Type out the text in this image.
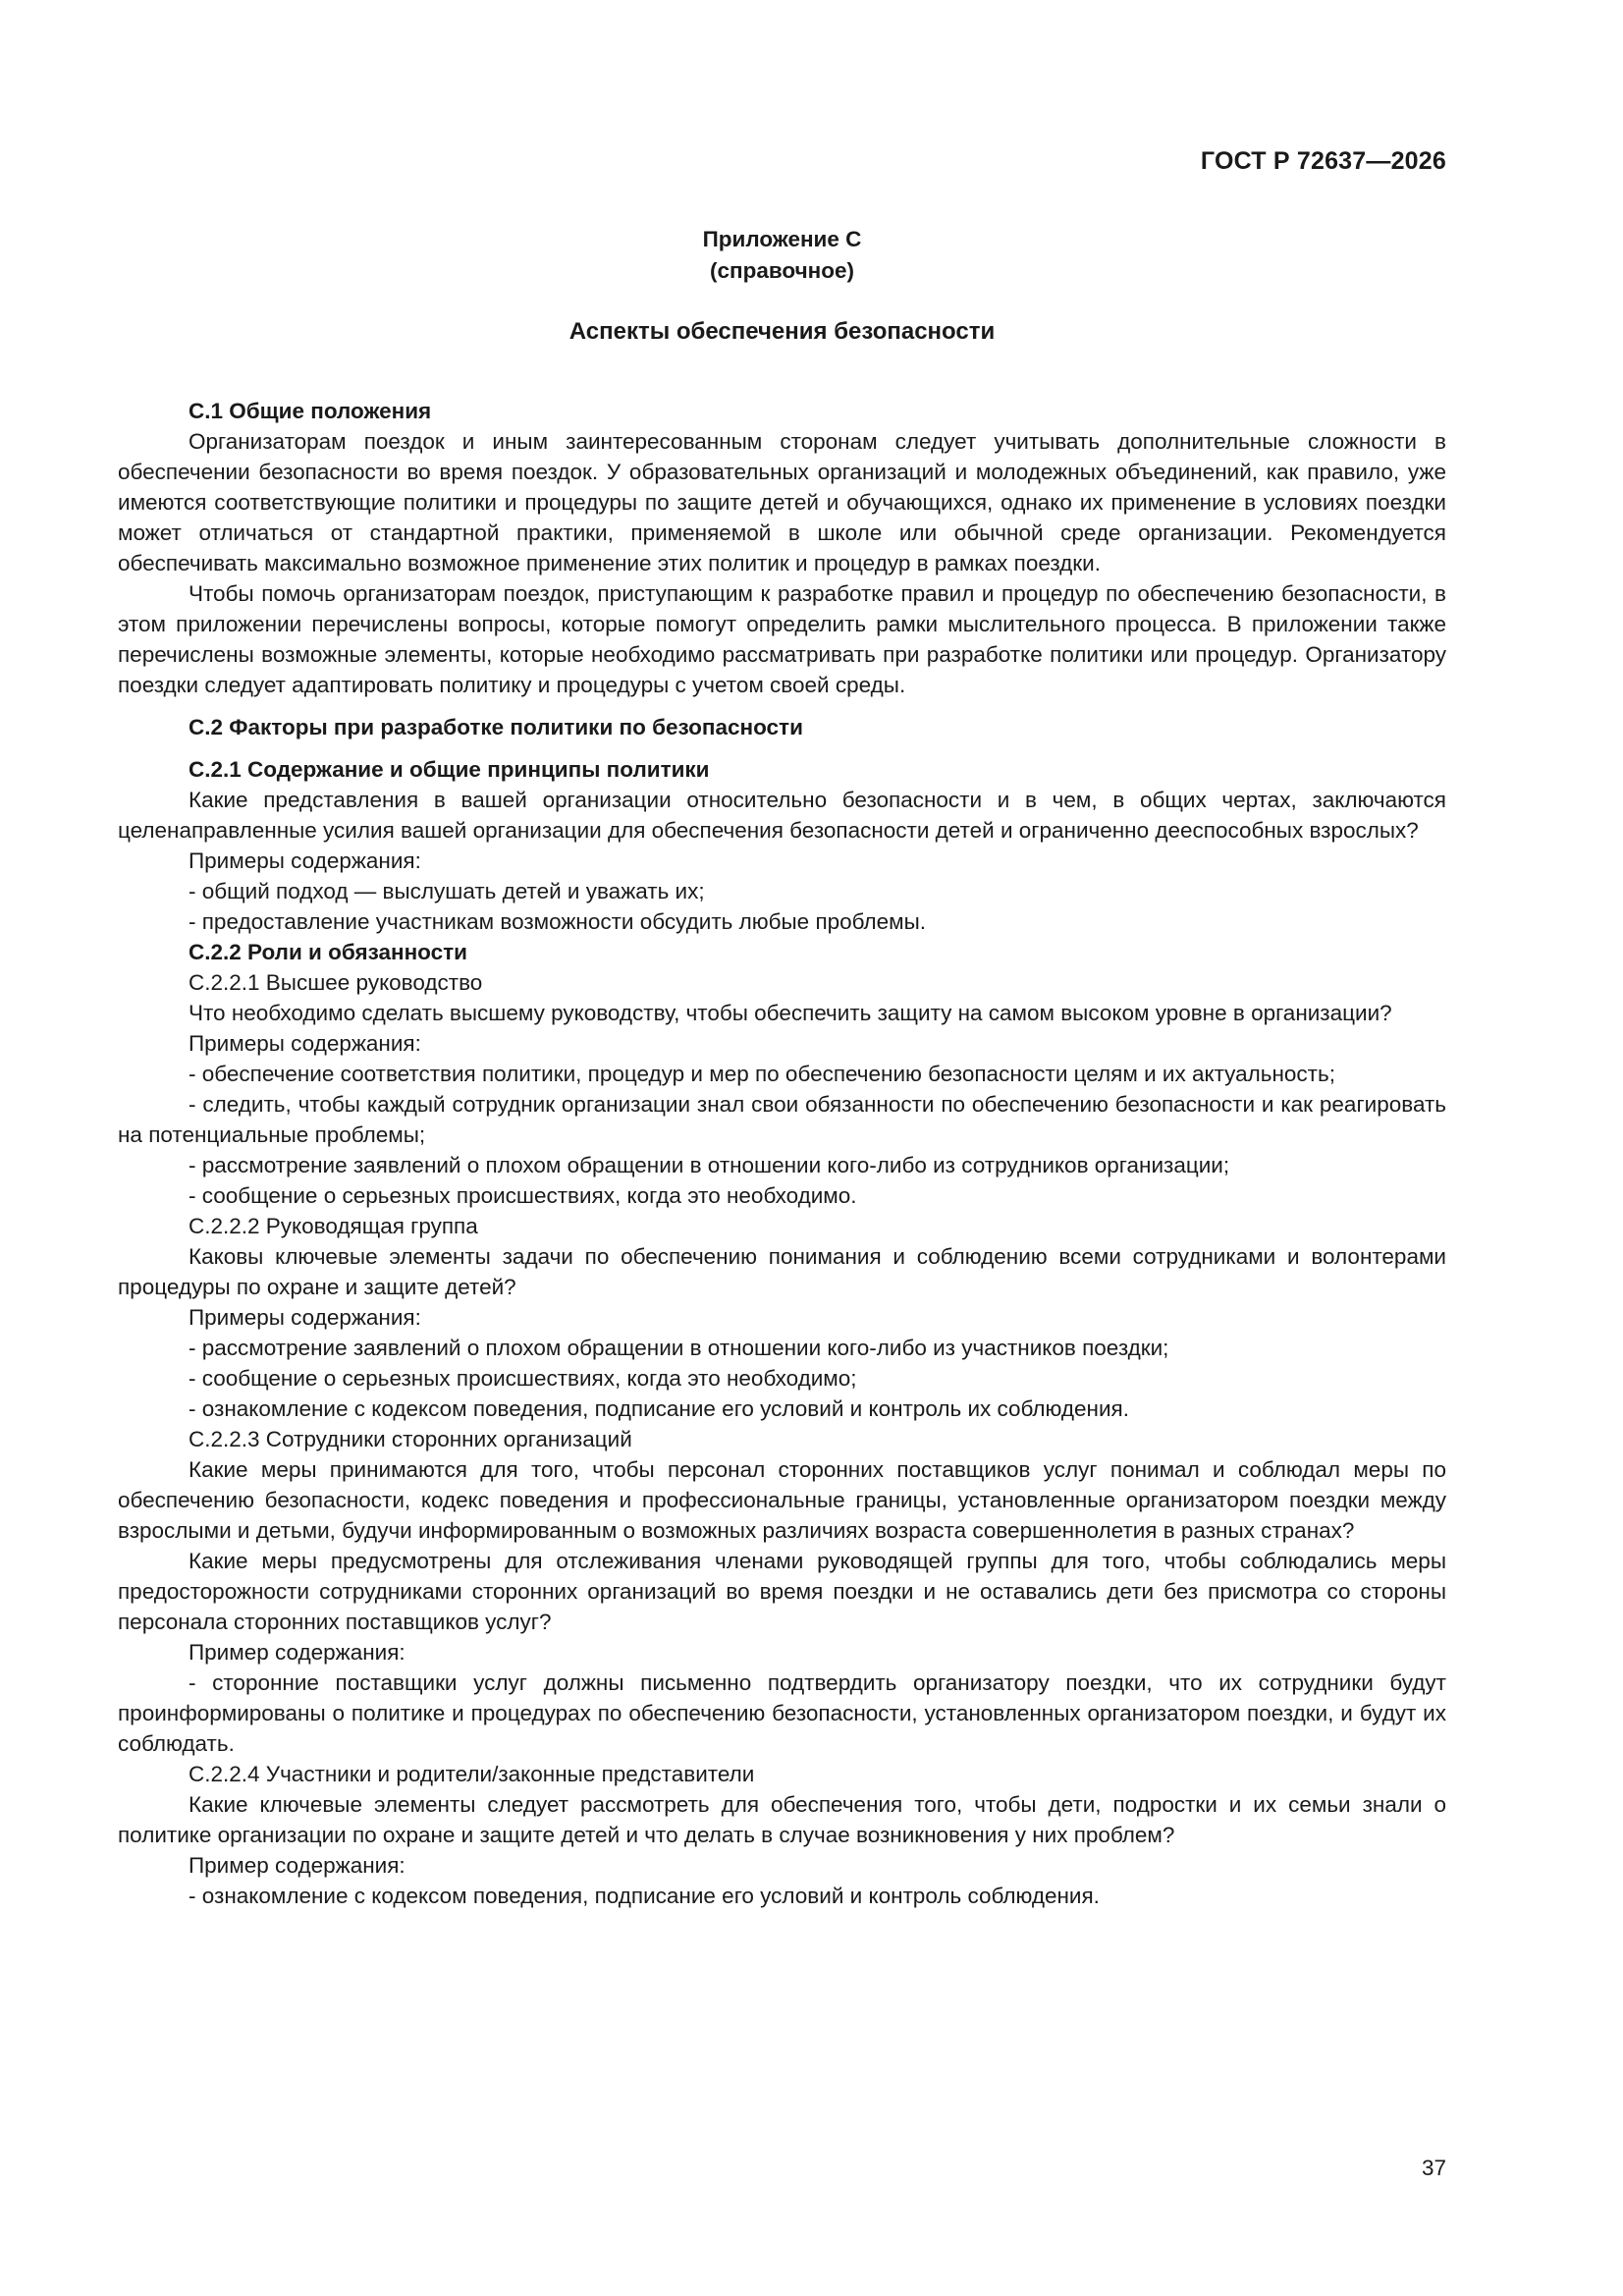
ГОСТ Р 72637—2026
Приложение С
(справочное)
Аспекты обеспечения безопасности
С.1 Общие положения

Организаторам поездок и иным заинтересованным сторонам следует учитывать дополнительные сложности в обеспечении безопасности во время поездок. У образовательных организаций и молодежных объединений, как правило, уже имеются соответствующие политики и процедуры по защите детей и обучающихся, однако их применение в условиях поездки может отличаться от стандартной практики, применяемой в школе или обычной среде организации. Рекомендуется обеспечивать максимально возможное применение этих политик и процедур в рамках поездки.

Чтобы помочь организаторам поездок, приступающим к разработке правил и процедур по обеспечению безопасности, в этом приложении перечислены вопросы, которые помогут определить рамки мыслительного процесса. В приложении также перечислены возможные элементы, которые необходимо рассматривать при разработке политики или процедур. Организатору поездки следует адаптировать политику и процедуры с учетом своей среды.

С.2 Факторы при разработке политики по безопасности
С.2.1 Содержание и общие принципы политики

Какие представления в вашей организации относительно безопасности и в чем, в общих чертах, заключаются целенаправленные усилия вашей организации для обеспечения безопасности детей и ограниченно дееспособных взрослых?

Примеры содержания:
- общий подход — выслушать детей и уважать их;
- предоставление участникам возможности обсудить любые проблемы.
С.2.2 Роли и обязанности
С.2.2.1 Высшее руководство

Что необходимо сделать высшему руководству, чтобы обеспечить защиту на самом высоком уровне в организации?

Примеры содержания:
- обеспечение соответствия политики, процедур и мер по обеспечению безопасности целям и их актуальность;
- следить, чтобы каждый сотрудник организации знал свои обязанности по обеспечению безопасности и как реагировать на потенциальные проблемы;
- рассмотрение заявлений о плохом обращении в отношении кого-либо из сотрудников организации;
- сообщение о серьезных происшествиях, когда это необходимо.
С.2.2.2 Руководящая группа

Каковы ключевые элементы задачи по обеспечению понимания и соблюдению всеми сотрудниками и волонтерами процедуры по охране и защите детей?

Примеры содержания:
- рассмотрение заявлений о плохом обращении в отношении кого-либо из участников поездки;
- сообщение о серьезных происшествиях, когда это необходимо;
- ознакомление с кодексом поведения, подписание его условий и контроль их соблюдения.
С.2.2.3 Сотрудники сторонних организаций

Какие меры принимаются для того, чтобы персонал сторонних поставщиков услуг понимал и соблюдал меры по обеспечению безопасности, кодекс поведения и профессиональные границы, установленные организатором поездки между взрослыми и детьми, будучи информированным о возможных различиях возраста совершеннолетия в разных странах?

Какие меры предусмотрены для отслеживания членами руководящей группы для того, чтобы соблюдались меры предосторожности сотрудниками сторонних организаций во время поездки и не оставались дети без присмотра со стороны персонала сторонних поставщиков услуг?

Пример содержания:
- сторонние поставщики услуг должны письменно подтвердить организатору поездки, что их сотрудники будут проинформированы о политике и процедурах по обеспечению безопасности, установленных организатором поездки, и будут их соблюдать.
С.2.2.4 Участники и родители/законные представители

Какие ключевые элементы следует рассмотреть для обеспечения того, чтобы дети, подростки и их семьи знали о политике организации по охране и защите детей и что делать в случае возникновения у них проблем?

Пример содержания:
- ознакомление с кодексом поведения, подписание его условий и контроль соблюдения.
37
